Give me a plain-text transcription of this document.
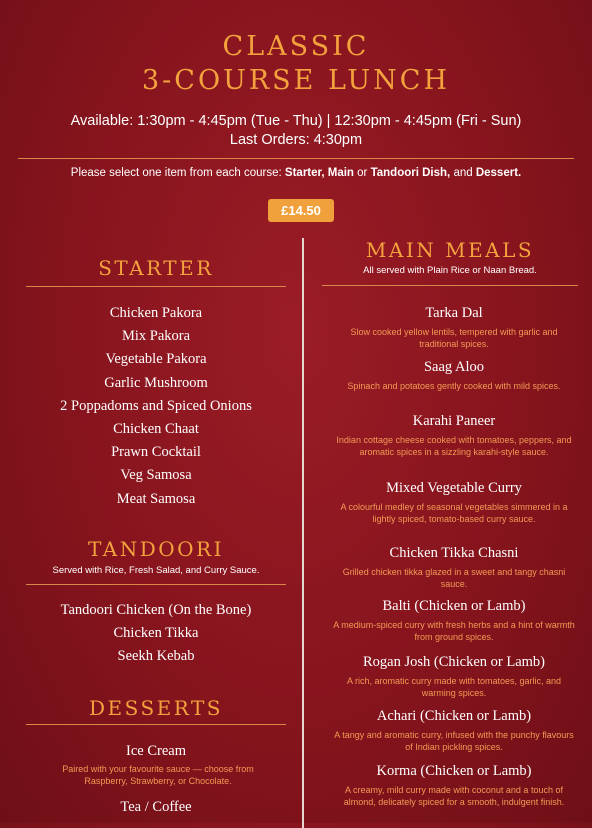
CLASSIC
3-COURSE LUNCH
Available: 1:30pm - 4:45pm (Tue - Thu) | 12:30pm - 4:45pm (Fri - Sun)
Last Orders: 4:30pm
Please select one item from each course: Starter, Main or Tandoori Dish, and Dessert.
£14.50
STARTER
Chicken Pakora
Mix Pakora
Vegetable Pakora
Garlic Mushroom
2 Poppadoms and Spiced Onions
Chicken Chaat
Prawn Cocktail
Veg Samosa
Meat Samosa
TANDOORI
Served with Rice, Fresh Salad, and Curry Sauce.
Tandoori Chicken (On the Bone)
Chicken Tikka
Seekh Kebab
DESSERTS
Ice Cream
Paired with your favourite sauce — choose from Raspberry, Strawberry, or Chocolate.
Tea / Coffee
MAIN MEALS
All served with Plain Rice or Naan Bread.
Tarka Dal
Slow cooked yellow lentils, tempered with garlic and traditional spices.
Saag Aloo
Spinach and potatoes gently cooked with mild spices.
Karahi Paneer
Indian cottage cheese cooked with tomatoes, peppers, and aromatic spices in a sizzling karahi-style sauce.
Mixed Vegetable Curry
A colourful medley of seasonal vegetables simmered in a lightly spiced, tomato-based curry sauce.
Chicken Tikka Chasni
Grilled chicken tikka glazed in a sweet and tangy chasni sauce.
Balti (Chicken or Lamb)
A medium-spiced curry with fresh herbs and a hint of warmth from ground spices.
Rogan Josh (Chicken or Lamb)
A rich, aromatic curry made with tomatoes, garlic, and warming spices.
Achari (Chicken or Lamb)
A tangy and aromatic curry, infused with the punchy flavours of Indian pickling spices.
Korma (Chicken or Lamb)
A creamy, mild curry made with coconut and a touch of almond, delicately spiced for a smooth, indulgent finish.
